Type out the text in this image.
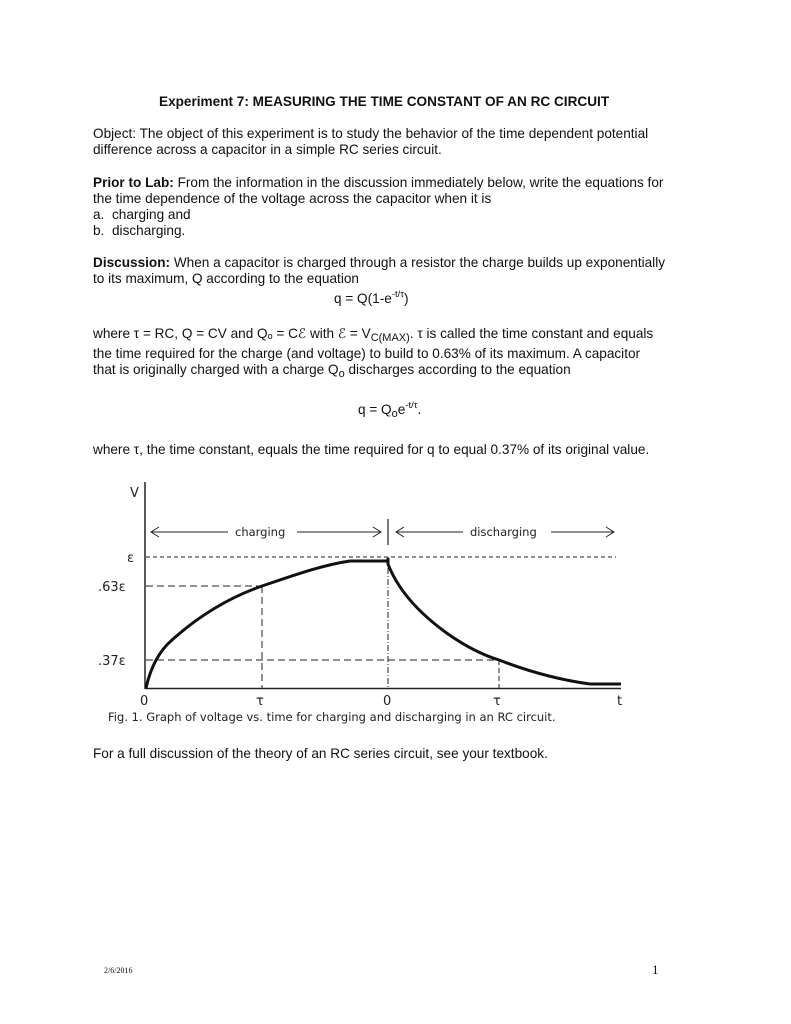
Experiment 7: MEASURING THE TIME CONSTANT OF AN RC CIRCUIT
Object: The object of this experiment is to study the behavior of the time dependent potential
difference across a capacitor in a simple RC series circuit.
Prior to Lab: From the information in the discussion immediately below, write the equations for
the time dependence of the voltage across the capacitor when it is
a. charging and
b. discharging.
Discussion: When a capacitor is charged through a resistor the charge builds up exponentially
to its maximum, Q according to the equation
$q = Q(1-e^{-t/\tau})$
where τ = RC, Q = CV and $Q_o$ = Cℰ with ℰ = $V_{C(MAX)}$. τ is called the time constant and equals
the time required for the charge (and voltage) to build to 0.63% of its maximum. A capacitor
that is originally charged with a charge $Q_o$ discharges according to the equation
$q = Q_oe^{-t/\tau}$.
where τ, the time constant, equals the time required for q to equal 0.37% of its original value.
V
charging	discharging
ε
.63ε
.37ε
0	τ	0	τ	t
Fig. 1. Graph of voltage vs. time for charging and discharging in an RC circuit.
For a full discussion of the theory of an RC series circuit, see your textbook.
2/6/2016	1
